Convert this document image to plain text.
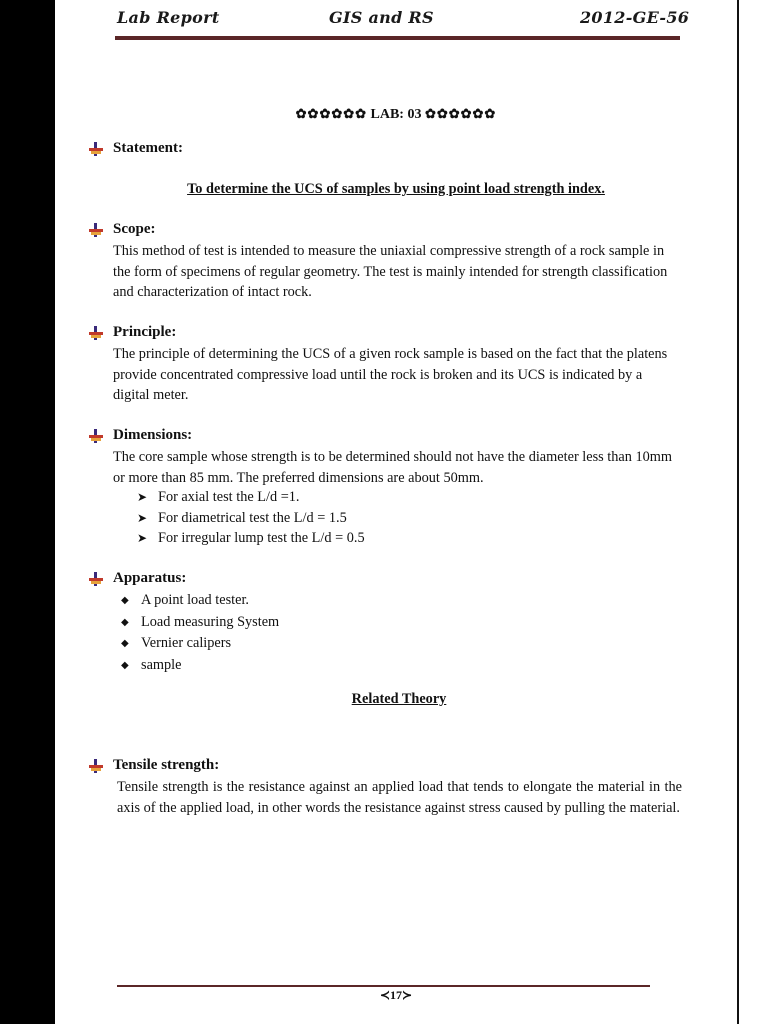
Lab Report	GIS and RS	2012-GE-56
✿✿✿✿✿✿ LAB: 03 ✿✿✿✿✿✿
Statement:
To determine the UCS of samples by using point load strength index.
Scope:
This method of test is intended to measure the uniaxial compressive strength of a rock sample in the form of specimens of regular geometry. The test is mainly intended for strength classification and characterization of intact rock.
Principle:
The principle of determining the UCS of a given rock sample is based on the fact that the platens provide concentrated compressive load until the rock is broken and its UCS is indicated by a digital meter.
Dimensions:
The core sample whose strength is to be determined should not have the diameter less than 10mm or more than 85 mm. The preferred dimensions are about 50mm.
➤ For axial test the L/d =1.
➤ For diametrical test the L/d = 1.5
➤ For irregular lump test the L/d = 0.5
Apparatus:
◆ A point load tester.
◆ Load measuring System
◆ Vernier calipers
◆ sample
Related Theory
Tensile strength:
Tensile strength is the resistance against an applied load that tends to elongate the material in the axis of the applied load, in other words the resistance against stress caused by pulling the material.
≺17≻
